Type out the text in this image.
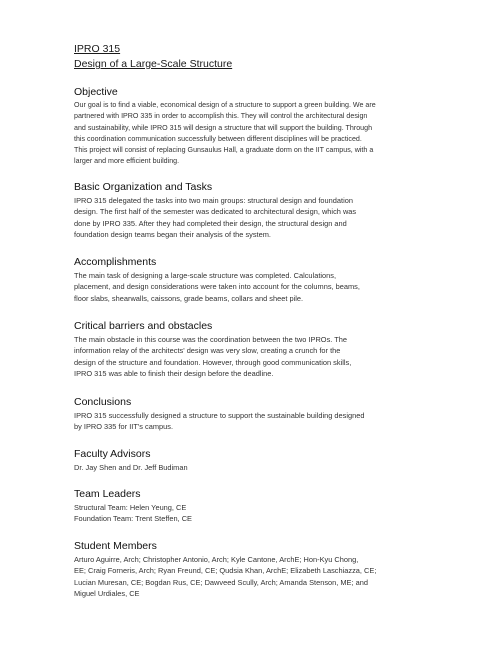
IPRO 315
Design of a Large-Scale Structure
Objective

Our goal is to find a viable, economical design of a structure to support a green building. We are
partnered with IPRO 335 in order to accomplish this. They will control the architectural design
and sustainability, while IPRO 315 will design a structure that will support the building. Through
this coordination communication successfully between different disciplines will be practiced.
This project will consist of replacing Gunsaulus Hall, a graduate dorm on the IIT campus, with a
larger and more efficient building.

Basic Organization and Tasks

IPRO 315 delegated the tasks into two main groups: structural design and foundation
design. The first half of the semester was dedicated to architectural design, which was
done by IPRO 335. After they had completed their design, the structural design and
foundation design teams began their analysis of the system.

Accomplishments

The main task of designing a large-scale structure was completed. Calculations,
placement, and design considerations were taken into account for the columns, beams,
floor slabs, shearwalls, caissons, grade beams, collars and sheet pile.

Critical barriers and obstacles

The main obstacle in this course was the coordination between the two IPROs. The
information relay of the architects' design was very slow, creating a crunch for the
design of the structure and foundation. However, through good communication skills,
IPRO 315 was able to finish their design before the deadline.

Conclusions

IPRO 315 successfully designed a structure to support the sustainable building designed
by IPRO 335 for IIT's campus.

Faculty Advisors

Dr. Jay Shen and Dr. Jeff Budiman

Team Leaders

Structural Team: Helen Yeung, CE
Foundation Team: Trent Steffen, CE

Student Members

Arturo Aguirre, Arch; Christopher Antonio, Arch; Kyle Cantone, ArchE; Hon-Kyu Chong,
EE; Craig Forneris, Arch; Ryan Freund, CE; Qudsia Khan, ArchE; Elizabeth Laschiazza, CE;
Lucian Muresan, CE; Bogdan Rus, CE; Dawveed Scully, Arch; Amanda Stenson, ME; and
Miguel Urdiales, CE
